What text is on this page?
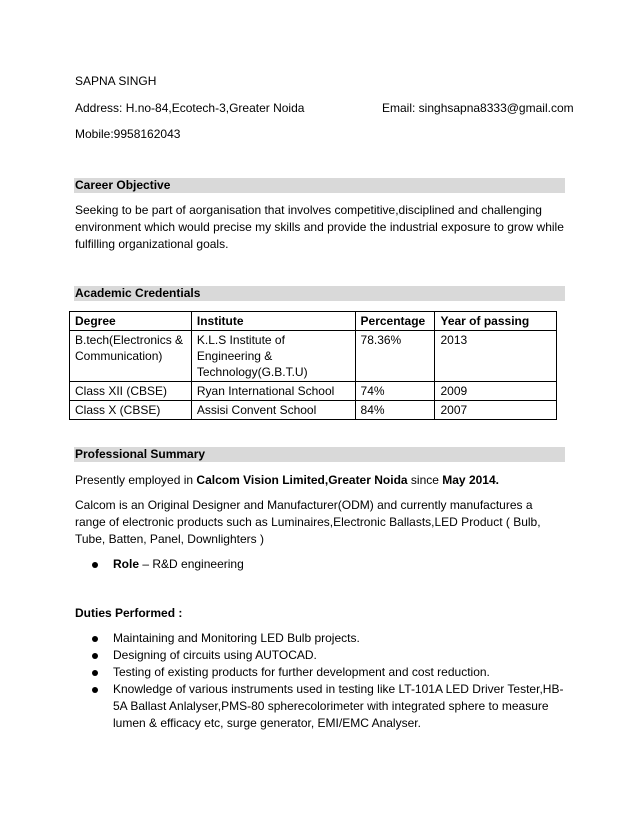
SAPNA SINGH
Address: H.no-84,Ecotech-3,Greater Noida	Email: singhsapna8333@gmail.com
Mobile:9958162043
Career Objective
Seeking to be part of aorganisation that involves competitive,disciplined and challenging environment which would precise my skills and provide the industrial exposure to grow while fulfilling organizational goals.
Academic Credentials
Degree	Institute	Percentage	Year of passing
B.tech(Electronics & Communication)	K.L.S Institute of Engineering & Technology(G.B.T.U)	78.36%	2013
Class XII (CBSE)	Ryan International School	74%	2009
Class X (CBSE)	Assisi Convent School	84%	2007
Professional Summary
Presently employed in Calcom Vision Limited,Greater Noida since May 2014.
Calcom is an Original Designer and Manufacturer(ODM) and currently manufactures a range of electronic products such as Luminaires,Electronic Ballasts,LED Product ( Bulb, Tube, Batten, Panel, Downlighters )
Role – R&D engineering
Duties Performed :
Maintaining and Monitoring LED Bulb projects.
Designing of circuits using AUTOCAD.
Testing of existing products for further development and cost reduction.
Knowledge of various instruments used in testing like LT-101A LED Driver Tester,HB-5A Ballast Anlalyser,PMS-80 spherecolorimeter with integrated sphere to measure lumen & efficacy etc, surge generator, EMI/EMC Analyser.
